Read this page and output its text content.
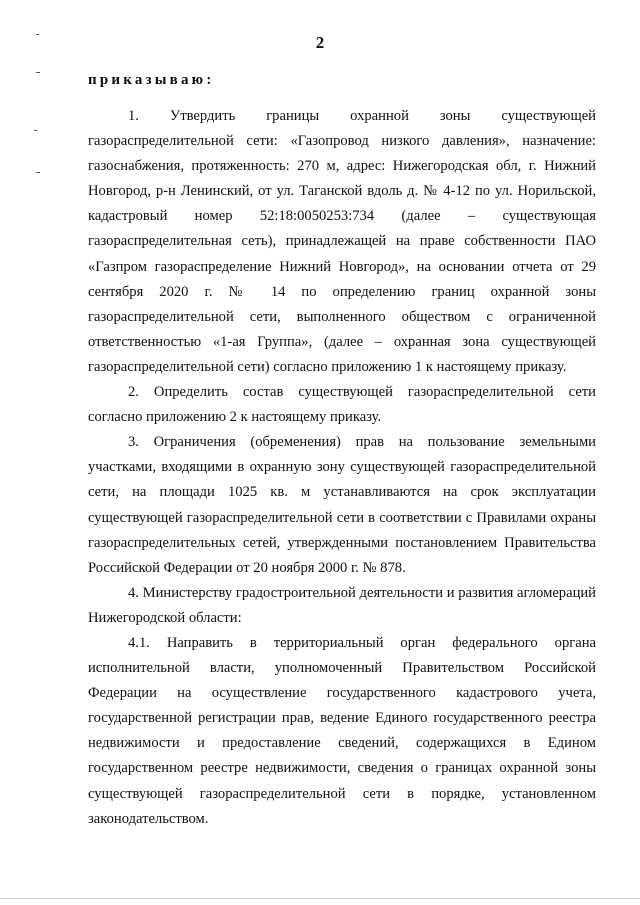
2
приказываю:

1. Утвердить границы охранной зоны существующей газораспределительной сети: «Газопровод низкого давления», назначение: газоснабжения, протяженность: 270 м, адрес: Нижегородская обл, г. Нижний Новгород, р-н Ленинский, от ул. Таганской вдоль д. № 4-12 по ул. Норильской, кадастровый номер 52:18:0050253:734 (далее – существующая газораспределительная сеть), принадлежащей на праве собственности ПАО «Газпром газораспределение Нижний Новгород», на основании отчета от 29 сентября 2020 г. № 14 по определению границ охранной зоны газораспределительной сети, выполненного обществом с ограниченной ответственностью «1-ая Группа», (далее – охранная зона существующей газораспределительной сети) согласно приложению 1 к настоящему приказу.

2. Определить состав существующей газораспределительной сети согласно приложению 2 к настоящему приказу.

3. Ограничения (обременения) прав на пользование земельными участками, входящими в охранную зону существующей газораспределительной сети, на площади 1025 кв. м устанавливаются на срок эксплуатации существующей газораспределительной сети в соответствии с Правилами охраны газораспределительных сетей, утвержденными постановлением Правительства Российской Федерации от 20 ноября 2000 г. № 878.

4. Министерству градостроительной деятельности и развития агломераций Нижегородской области:

4.1. Направить в территориальный орган федерального органа исполнительной власти, уполномоченный Правительством Российской Федерации на осуществление государственного кадастрового учета, государственной регистрации прав, ведение Единого государственного реестра недвижимости и предоставление сведений, содержащихся в Едином государственном реестре недвижимости, сведения о границах охранной зоны существующей газораспределительной сети в порядке, установленном законодательством.
